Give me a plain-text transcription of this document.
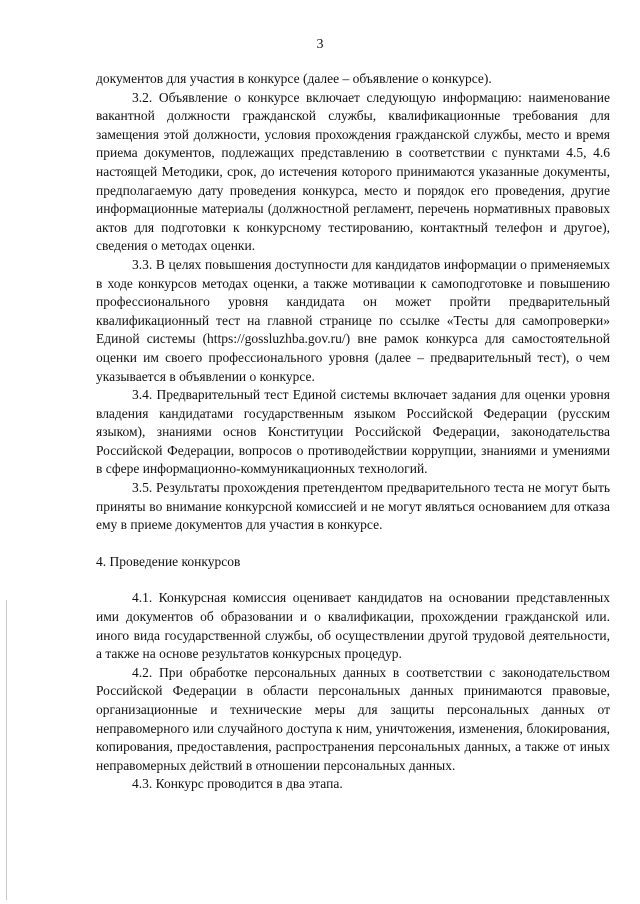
3

документов для участия в конкурсе (далее – объявление о конкурсе).

3.2. Объявление о конкурсе включает следующую информацию: наименование вакантной должности гражданской службы, квалификационные требования для замещения этой должности, условия прохождения гражданской службы, место и время приема документов, подлежащих представлению в соответствии с пунктами 4.5, 4.6 настоящей Методики, срок, до истечения которого принимаются указанные документы, предполагаемую дату проведения конкурса, место и порядок его проведения, другие информационные материалы (должностной регламент, перечень нормативных правовых актов для подготовки к конкурсному тестированию, контактный телефон и другое), сведения о методах оценки.

3.3. В целях повышения доступности для кандидатов информации о применяемых в ходе конкурсов методах оценки, а также мотивации к самоподготовке и повышению профессионального уровня кандидата он может пройти предварительный квалификационный тест на главной странице по ссылке «Тесты для самопроверки» Единой системы (https://gossluzhba.gov.ru/) вне рамок конкурса для самостоятельной оценки им своего профессионального уровня (далее – предварительный тест), о чем указывается в объявлении о конкурсе.

3.4. Предварительный тест Единой системы включает задания для оценки уровня владения кандидатами государственным языком Российской Федерации (русским языком), знаниями основ Конституции Российской Федерации, законодательства Российской Федерации, вопросов о противодействии коррупции, знаниями и умениями в сфере информационно-коммуникационных технологий.

3.5. Результаты прохождения претендентом предварительного теста не могут быть приняты во внимание конкурсной комиссией и не могут являться основанием для отказа ему в приеме документов для участия в конкурсе.

4. Проведение конкурсов

4.1. Конкурсная комиссия оценивает кандидатов на основании представленных ими документов об образовании и о квалификации, прохождении гражданской или. иного вида государственной службы, об осуществлении другой трудовой деятельности, а также на основе результатов конкурсных процедур.

4.2. При обработке персональных данных в соответствии с законодательством Российской Федерации в области персональных данных принимаются правовые, организационные и технические меры для защиты персональных данных от неправомерного или случайного доступа к ним, уничтожения, изменения, блокирования, копирования, предоставления, распространения персональных данных, а также от иных неправомерных действий в отношении персональных данных.

4.3. Конкурс проводится в два этапа.
